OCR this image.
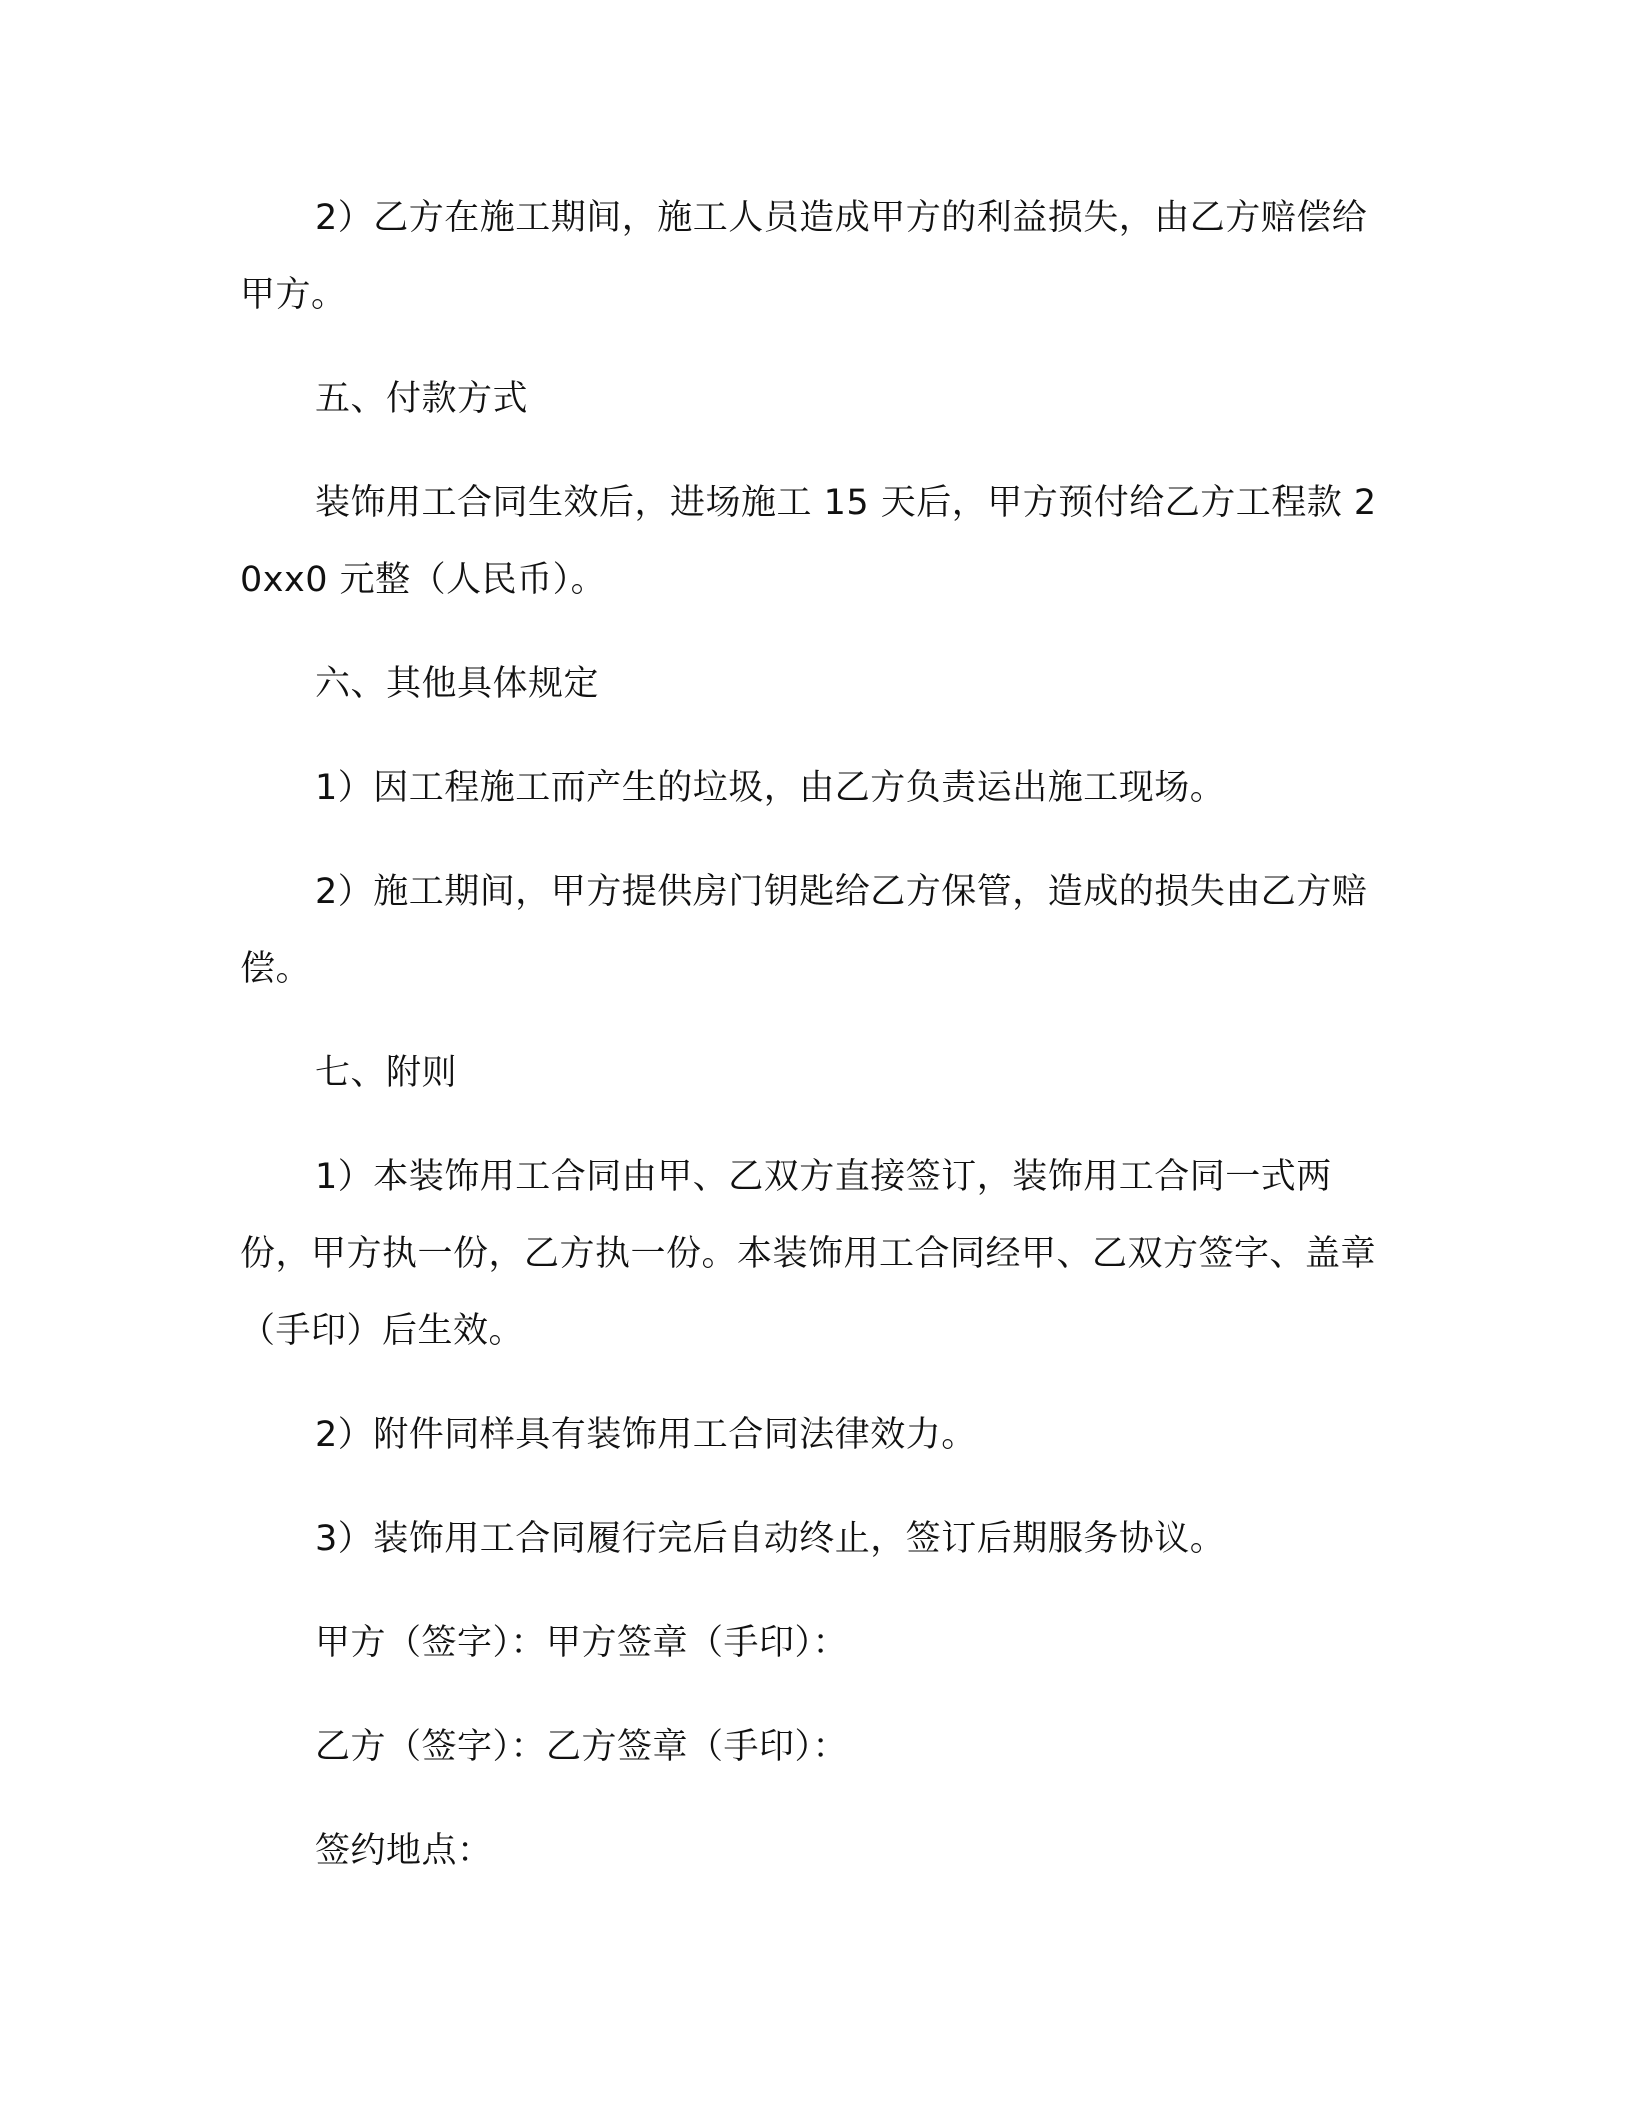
2）乙方在施工期间，施工人员造成甲方的利益损失，由乙方赔偿给甲方。

五、付款方式

装饰用工合同生效后，进场施工 15 天后，甲方预付给乙方工程款 20xx0 元整（人民币）。

六、其他具体规定

1）因工程施工而产生的垃圾，由乙方负责运出施工现场。

2）施工期间，甲方提供房门钥匙给乙方保管，造成的损失由乙方赔偿。

七、附则

1）本装饰用工合同由甲、乙双方直接签订，装饰用工合同一式两份，甲方执一份，乙方执一份。本装饰用工合同经甲、乙双方签字、盖章（手印）后生效。

2）附件同样具有装饰用工合同法律效力。

3）装饰用工合同履行完后自动终止，签订后期服务协议。

甲方（签字）：甲方签章（手印）：

乙方（签字）：乙方签章（手印）：

签约地点：
